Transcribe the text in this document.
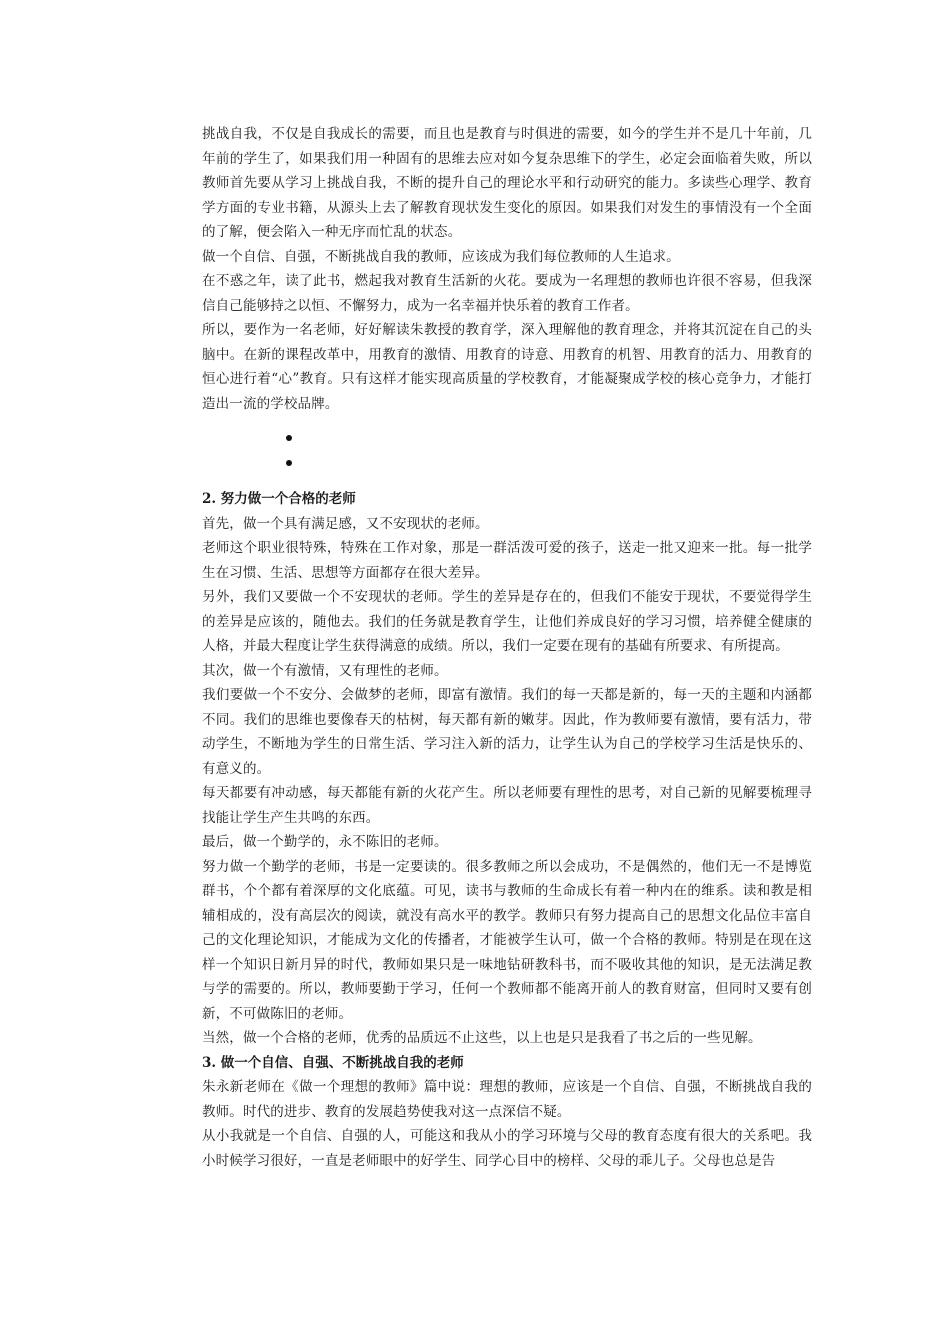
挑战自我，不仅是自我成长的需要，而且也是教育与时俱进的需要，如今的学生并不是几十年前，几年前的学生了，如果我们用一种固有的思维去应对如今复杂思维下的学生，必定会面临着失败，所以教师首先要从学习上挑战自我，不断的提升自己的理论水平和行动研究的能力。多读些心理学、教育学方面的专业书籍，从源头上去了解教育现状发生变化的原因。如果我们对发生的事情没有一个全面的了解，便会陷入一种无序而忙乱的状态。

做一个自信、自强，不断挑战自我的教师，应该成为我们每位教师的人生追求。

在不惑之年，读了此书，燃起我对教育生活新的火花。要成为一名理想的教师也许很不容易，但我深信自己能够持之以恒、不懈努力，成为一名幸福并快乐着的教育工作者。

所以，要作为一名老师，好好解读朱教授的教育学，深入理解他的教育理念，并将其沉淀在自己的头脑中。在新的课程改革中，用教育的激情、用教育的诗意、用教育的机智、用教育的活力、用教育的恒心进行着“心”教育。只有这样才能实现高质量的学校教育，才能凝聚成学校的核心竞争力，才能打造出一流的学校品牌。

2. 努力做一个合格的老师

首先，做一个具有满足感，又不安现状的老师。

老师这个职业很特殊，特殊在工作对象，那是一群活泼可爱的孩子，送走一批又迎来一批。每一批学生在习惯、生活、思想等方面都存在很大差异。

另外，我们又要做一个不安现状的老师。学生的差异是存在的，但我们不能安于现状，不要觉得学生的差异是应该的，随他去。我们的任务就是教育学生，让他们养成良好的学习习惯，培养健全健康的人格，并最大程度让学生获得满意的成绩。所以，我们一定要在现有的基础有所要求、有所提高。

其次，做一个有激情，又有理性的老师。

我们要做一个不安分、会做梦的老师，即富有激情。我们的每一天都是新的，每一天的主题和内涵都不同。我们的思维也要像春天的枯树，每天都有新的嫩芽。因此，作为教师要有激情，要有活力，带动学生，不断地为学生的日常生活、学习注入新的活力，让学生认为自己的学校学习生活是快乐的、有意义的。

每天都要有冲动感，每天都能有新的火花产生。所以老师要有理性的思考，对自己新的见解要梳理寻找能让学生产生共鸣的东西。

最后，做一个勤学的，永不陈旧的老师。

努力做一个勤学的老师，书是一定要读的。很多教师之所以会成功，不是偶然的，他们无一不是博览群书，个个都有着深厚的文化底蕴。可见，读书与教师的生命成长有着一种内在的维系。读和教是相辅相成的，没有高层次的阅读，就没有高水平的教学。教师只有努力提高自己的思想文化品位丰富自己的文化理论知识，才能成为文化的传播者，才能被学生认可，做一个合格的教师。特别是在现在这样一个知识日新月异的时代，教师如果只是一味地钻研教科书，而不吸收其他的知识，是无法满足教与学的需要的。所以，教师要勤于学习，任何一个教师都不能离开前人的教育财富，但同时又要有创新，不可做陈旧的老师。

当然，做一个合格的老师，优秀的品质远不止这些，以上也是只是我看了书之后的一些见解。

3. 做一个自信、自强、不断挑战自我的老师

朱永新老师在《做一个理想的教师》篇中说：理想的教师，应该是一个自信、自强，不断挑战自我的教师。时代的进步、教育的发展趋势使我对这一点深信不疑。

从小我就是一个自信、自强的人，可能这和我从小的学习环境与父母的教育态度有很大的关系吧。我小时候学习很好，一直是老师眼中的好学生、同学心目中的榜样、父母的乖儿子。父母也总是告
